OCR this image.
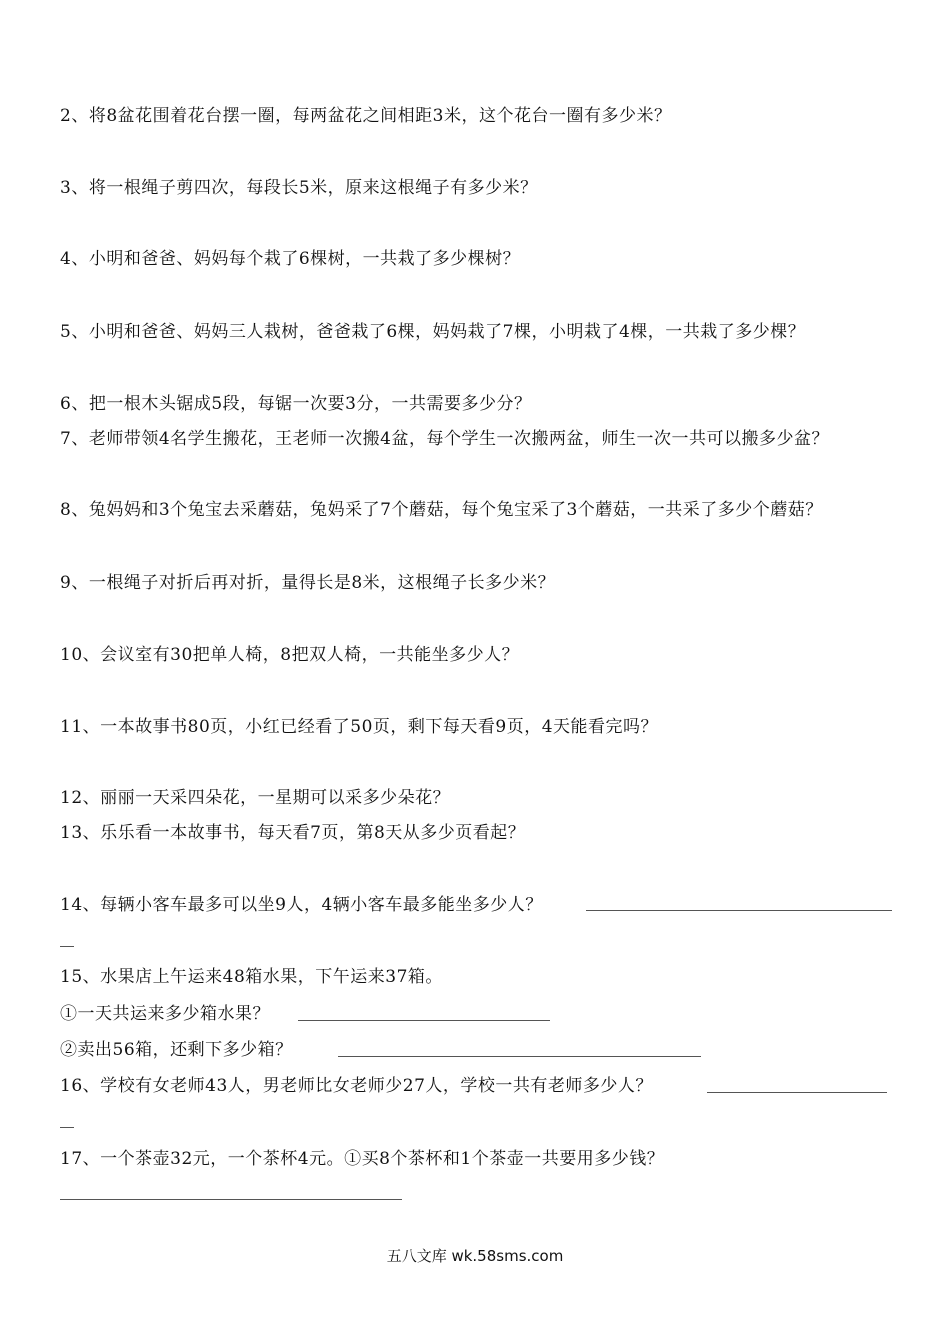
2、将8盆花围着花台摆一圈，每两盆花之间相距3米，这个花台一圈有多少米？
3、将一根绳子剪四次，每段长5米，原来这根绳子有多少米？
4、小明和爸爸、妈妈每个栽了6棵树，一共栽了多少棵树？
5、小明和爸爸、妈妈三人栽树，爸爸栽了6棵，妈妈栽了7棵，小明栽了4棵，一共栽了多少棵？
6、把一根木头锯成5段，每锯一次要3分，一共需要多少分？
7、老师带领4名学生搬花，王老师一次搬4盆，每个学生一次搬两盆，师生一次一共可以搬多少盆？
8、兔妈妈和3个兔宝去采蘑菇，兔妈采了7个蘑菇，每个兔宝采了3个蘑菇，一共采了多少个蘑菇？
9、一根绳子对折后再对折，量得长是8米，这根绳子长多少米？
10、会议室有30把单人椅，8把双人椅，一共能坐多少人？
11、一本故事书80页，小红已经看了50页，剩下每天看9页，4天能看完吗？
12、丽丽一天采四朵花，一星期可以采多少朵花？
13、乐乐看一本故事书，每天看7页，第8天从多少页看起？
14、每辆小客车最多可以坐9人，4辆小客车最多能坐多少人？
15、水果店上午运来48箱水果，下午运来37箱。
①一天共运来多少箱水果？
②卖出56箱，还剩下多少箱？
16、学校有女老师43人，男老师比女老师少27人，学校一共有老师多少人？
17、一个茶壶32元，一个茶杯4元。①买8个茶杯和1个茶壶一共要用多少钱？
五八文库 wk.58sms.com
